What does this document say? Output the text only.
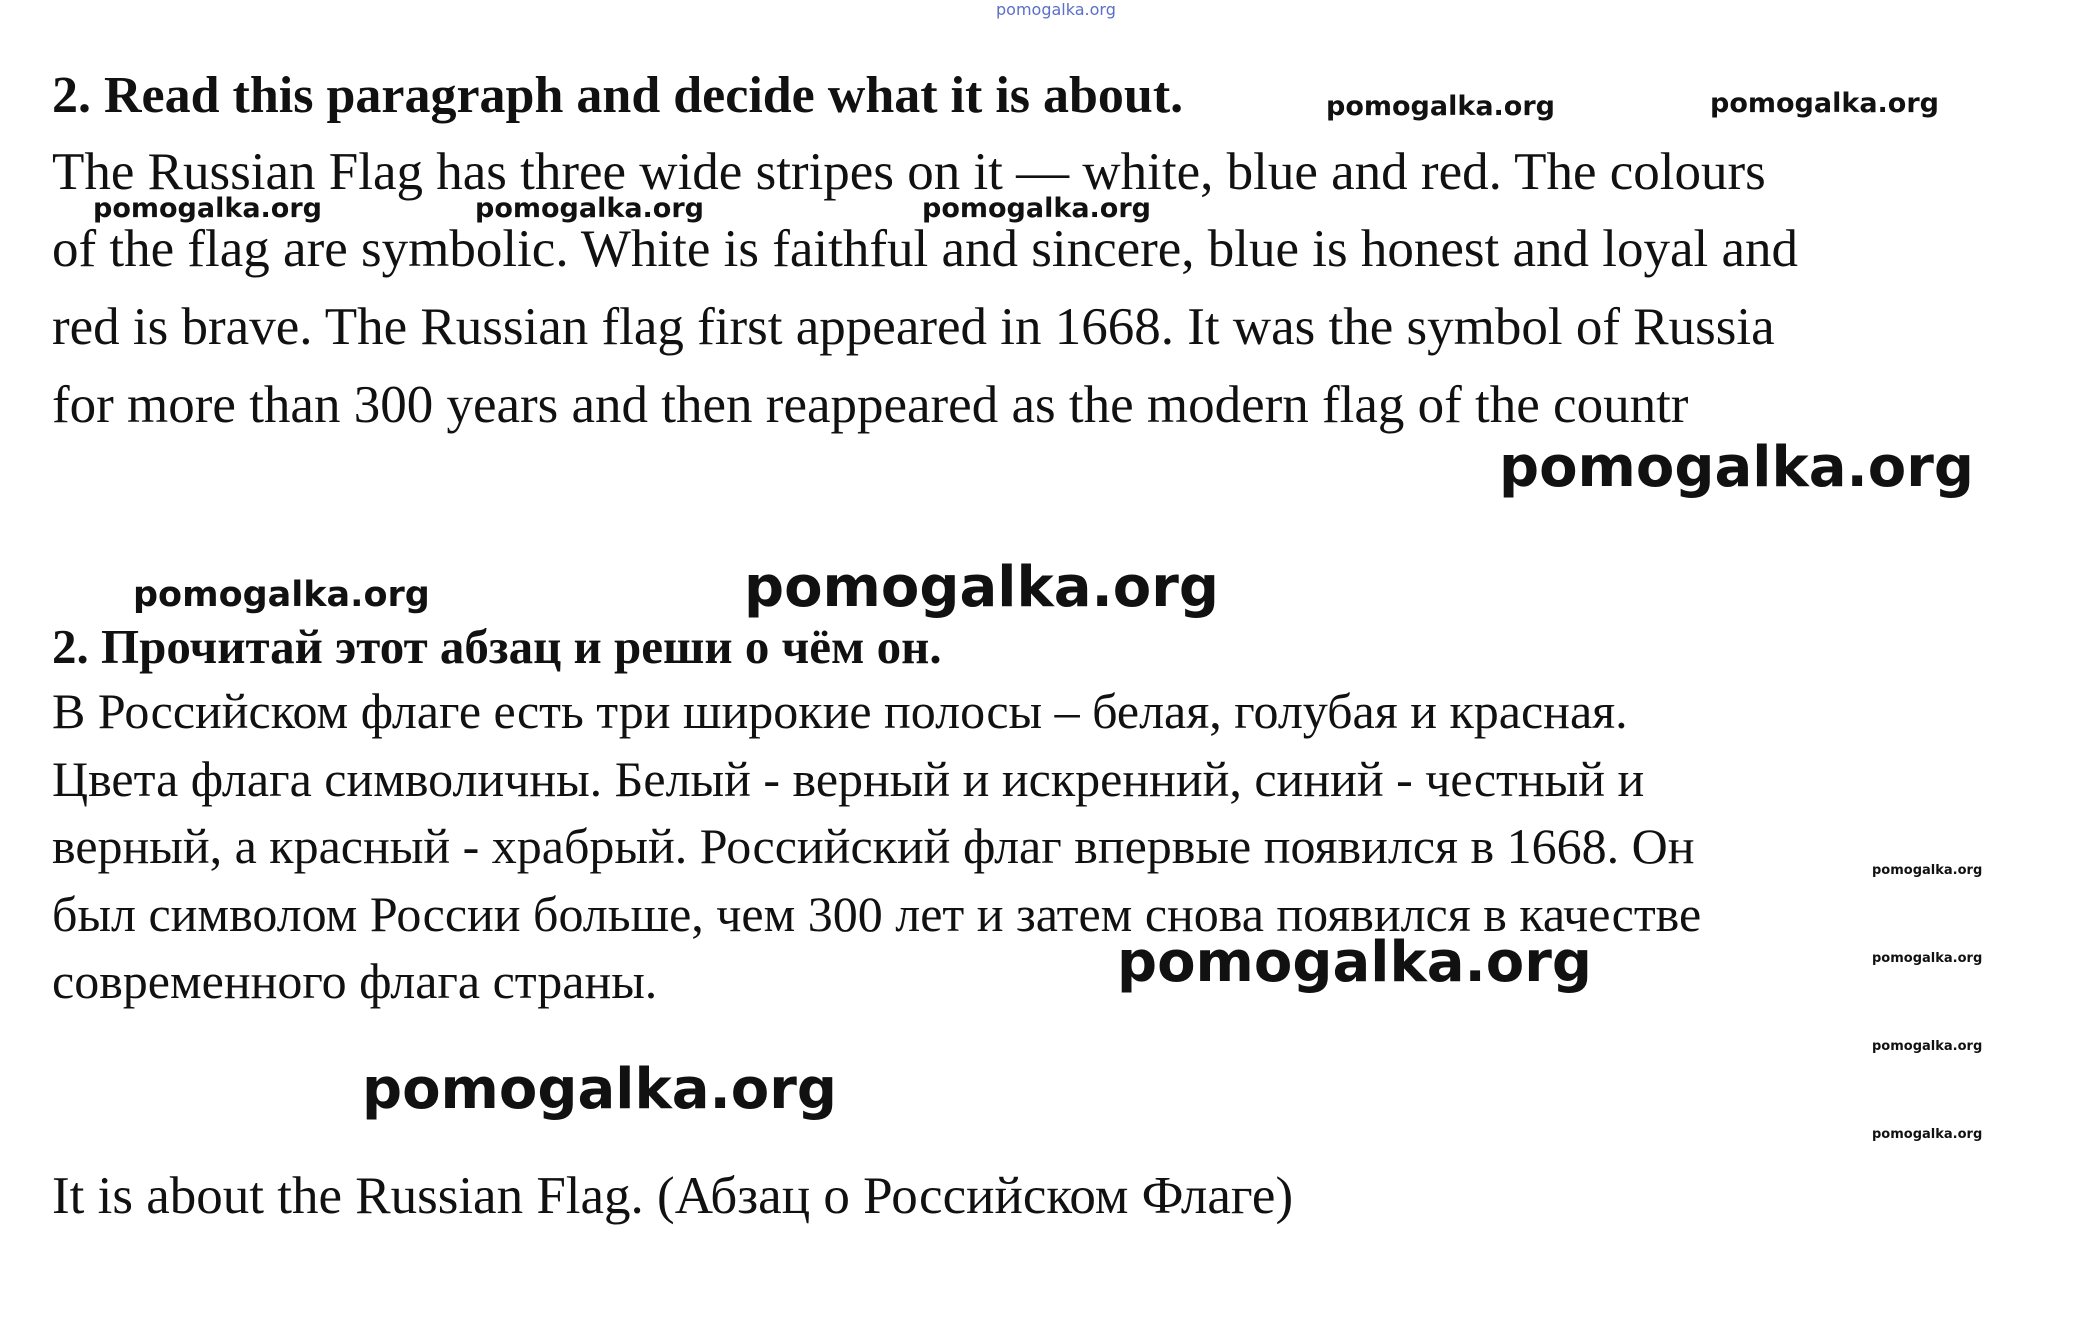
pomogalka.org
2. Read this paragraph and decide what it is about.	pomogalka.org	pomogalka.org
The Russian Flag has three wide stripes on it — white, blue and red. The colours
pomogalka.org	pomogalka.org	pomogalka.org
of the flag are symbolic. White is faithful and sincere, blue is honest and loyal and
red is brave. The Russian flag first appeared in 1668. It was the symbol of Russia
for more than 300 years and then reappeared as the modern flag of the countr
pomogalka.org
pomogalka.org	pomogalka.org
2. Прочитай этот абзац и реши о чём он.
В Российском флаге есть три широкие полосы – белая, голубая и красная.
Цвета флага символичны. Белый - верный и искренний, синий - честный и
верный, а красный - храбрый. Российский флаг впервые появился в 1668. Он	pomogalka.org
был символом России больше, чем 300 лет и затем снова появился в качестве
современного флага страны.	pomogalka.org	pomogalka.org
pomogalka.org
pomogalka.org
pomogalka.org
It is about the Russian Flag. (Абзац о Российском Флаге)
